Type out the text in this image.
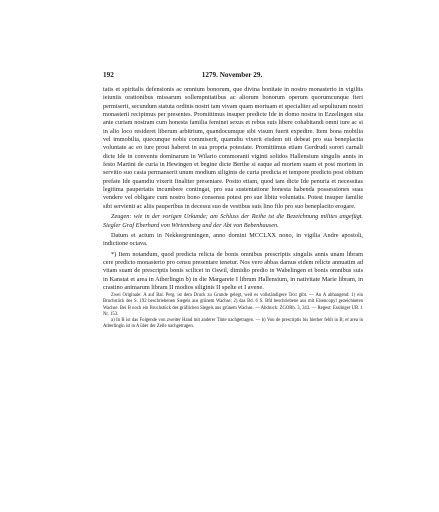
192	1279. November 29.

tatis et spiritalis defensionis ac omnium bonorum, que divina bonitate in nostro monasterio in vigiliis ieiuniis orationibus missarum sollempnitatibus ac aliorum bonorum operum quorumcunque fieri permiserit, secundum statuta ordinis nostri tam vivam quam mortuam et specialiter ad sepulturam nostri monasterii recipimus per presentes. Promittimus insuper predicte Ide in domo nostra in Ezzelingen sita ante curiam nostram cum honesta familia feminei sexus et rebus suis libere cohabitandi omni iure ac si in alio loco resideret liberum arbitrium, quandocumque sibi visum fuerit expedire. Item bona mobilia vel immobilia, quecunque nobis commiserit, quamdiu vixerit eisdem uti debeat pro sua beneplacita voluntate ac eo iure prout haberet in sua propria potestate. Promittimus etiam Gerdrudi sorori carnali dicte Ide in conventu dominarum in Wilario commoranti viginti solidos Hallensium singulis annis in festo Martini de curia in Hewingen et begine dicte Berthe si eaque ad mortem suam et post mortem in servitio suo casta permanserit unum modium siliginis de curia predicta et tempore predicto post obitum prefate Ide quamdiu vixerit finaliter presentare. Posito etiam, quod iam dicte Ide penuria et necessitas legitima paupertatis incumbere contingat, pro sua sustentatione honesta habenda possessiones suas vendere vel obligare cum nostro bono consensu potest pro sue libitu voluntatis. Potest insuper familie sibi servienti ac aliis pauperibus in decessu suo de vestibus suis lino filo pro suo beneplacito erogare.

Zeugen: wie in der vorigen Urkunde; am Schluss der Reihe ist die Bezeichnung milites angefügt. Siegler Graf Eberhard von Wirtemberg und der Abt von Bebenhausen.

Datum et actum in Nekkergruningen, anno domini MCCLXX nono, in vigilia Andre apostoli, indictione octava.

*) Item notandum, quod predicta relicta de bonis omnibus prescriptis singulis annis unam libram cere predicto monasterio pro censu presentare tenetur. Nos vero abbas damus eidem relicte annuatim ad vitam suam de prescriptis bonis scilicet in Oswil, dimidio predio in Wabelingen et bonis omnibus suis in Kanstat et area in Atberlingin b) in die Margarete I librum Hallensium, in nativitate Marie libram, in crastino animarum libram II modios siliginis II spelte et I avene.

Zwei Originale: A auf Bal. Perg. ist dem Druck zu Grunde gelegt, weil es vollständigere Text gibt. — An A abhangend: 1) ein Bruchstück des S. 192 beschriebenen Siegels aus grünem Wachse; 2) das Bd. 6 S. Bfd beschriebene aus mit Eisencopyl gezeichneten Wachse. Bei B noch ein Bruchstück des gräflichen Siegels aus grünem Wachse. — Abdruck: ZGORh. 3, 343. — Regest: Esslinger UB. 1 Nr. 153.

a) In B ist das Folgende von zweiter Hand mit anderer Tinte nachgetragen. — b) Von de prescriptis bis hierher fehlt in B; et area in Atberlingin ist in A über der Zeile nachgetragen.
